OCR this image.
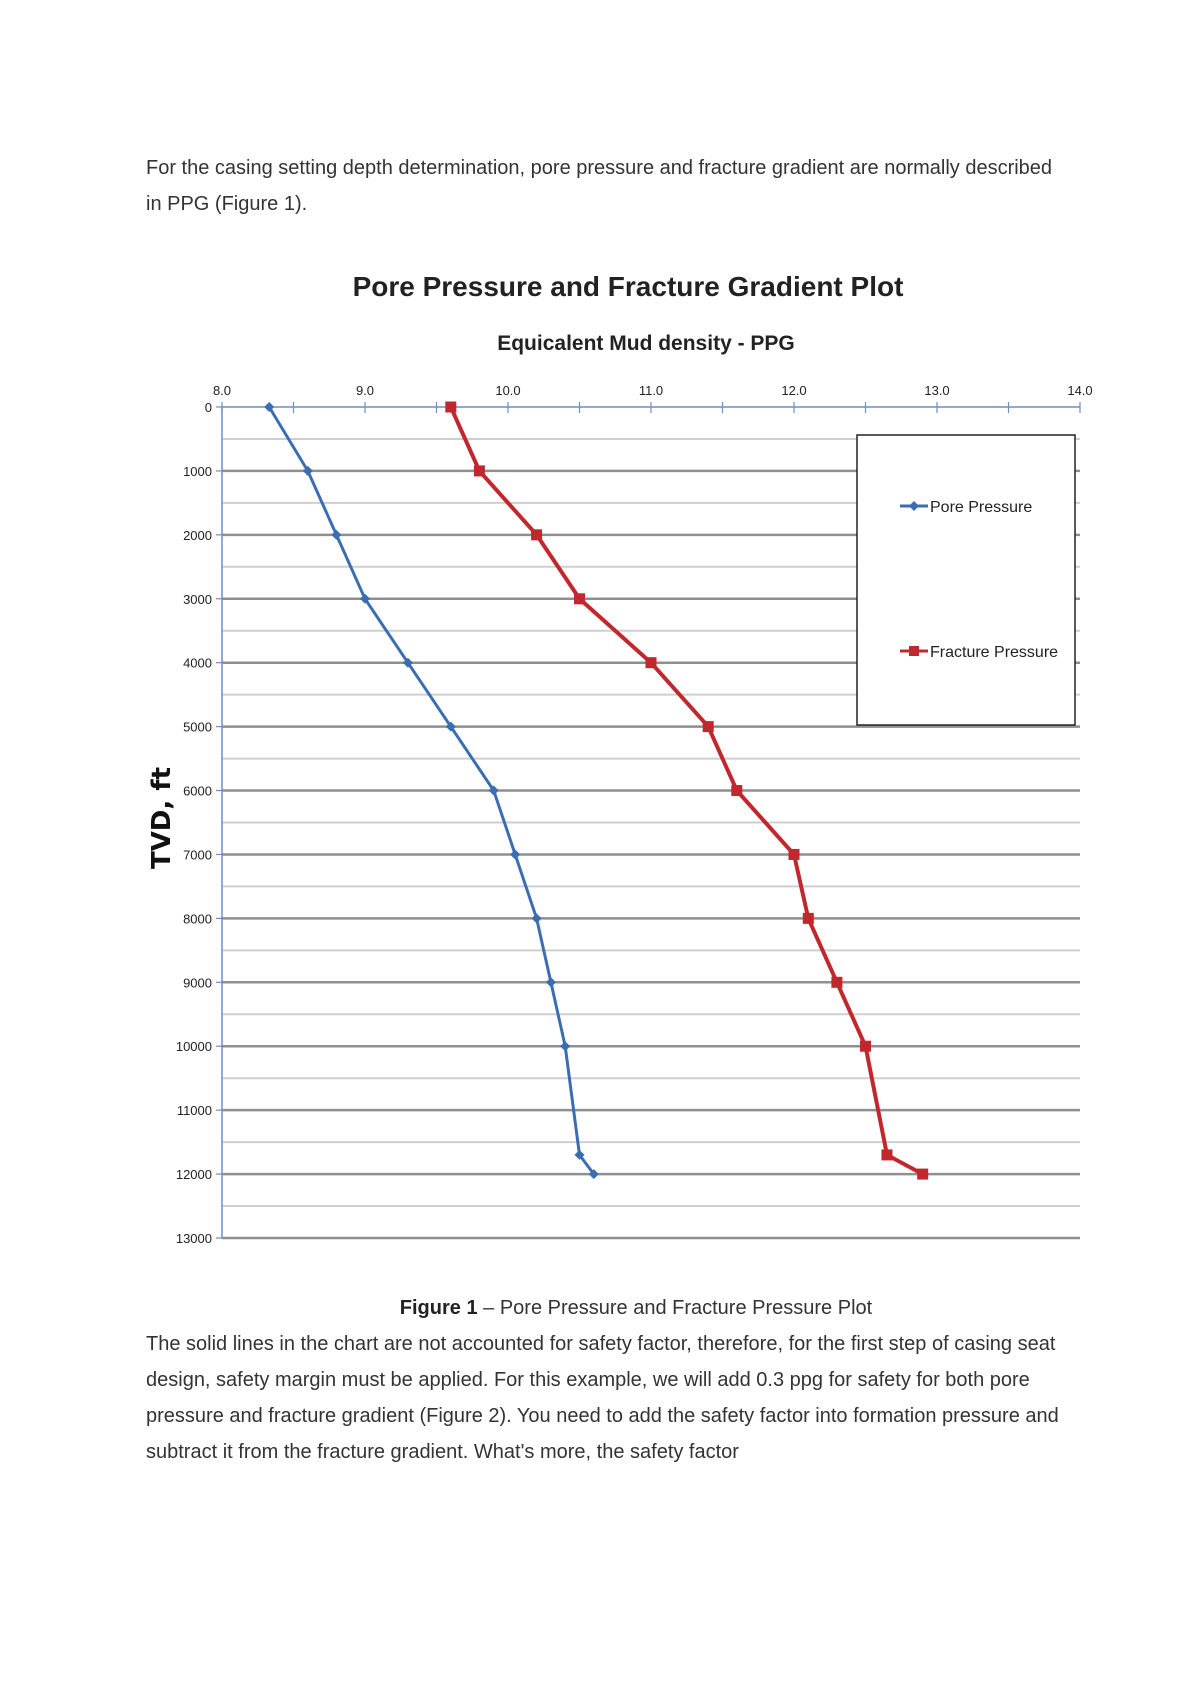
For the casing setting depth determination, pore pressure and fracture gradient are normally described in PPG (Figure 1).

Pore Pressure and Fracture Gradient Plot
Equicalent Mud density - PPG
TVD, ft
8.0	9.0	10.0	11.0	12.0	13.0	14.0
0
1000
2000
3000
4000
5000
6000
7000
8000
9000
10000
11000
12000
13000
Pore Pressure
Fracture Pressure
Figure 1 – Pore Pressure and Fracture Pressure Plot

The solid lines in the chart are not accounted for safety factor, therefore, for the first step of casing seat design, safety margin must be applied. For this example, we will add 0.3 ppg for safety for both pore pressure and fracture gradient (Figure 2). You need to add the safety factor into formation pressure and subtract it from the fracture gradient. What's more, the safety factor
